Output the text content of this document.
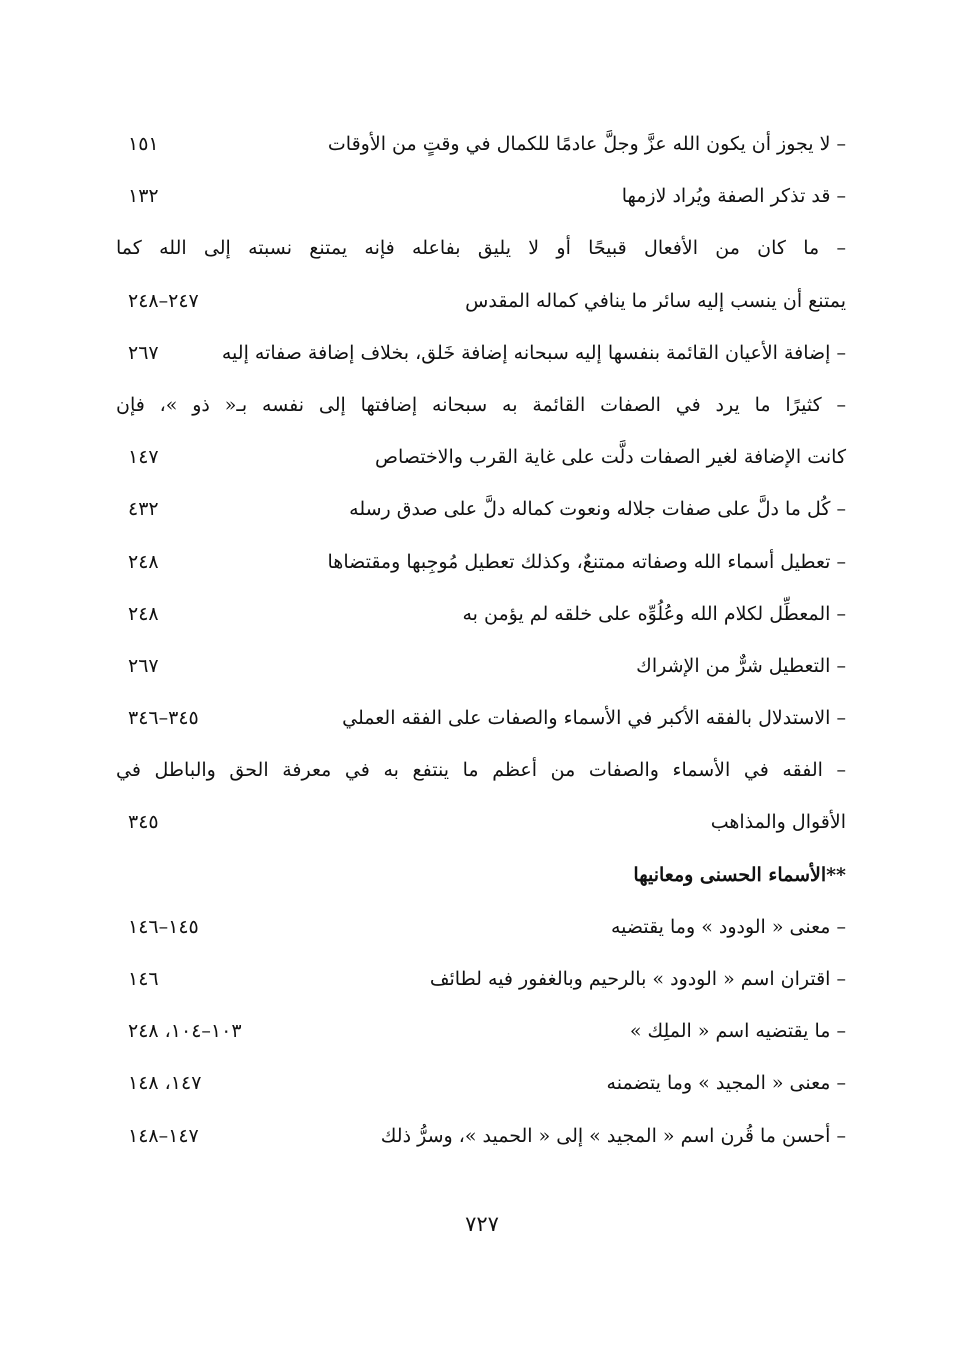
– لا يجوز أن يكون الله عزَّ وجلَّ عادمًا للكمال في وقتٍ من الأوقات
١٥١
– قد تذكر الصفة ويُراد لازمها
١٣٢
– ما كان من الأفعال قبيحًا أو لا يليق بفاعله فإنه يمتنع نسبته إلى الله كما
يمتنع أن ينسب إليه سائر ما ينافي كماله المقدس
٢٤٧–٢٤٨
– إضافة الأعيان القائمة بنفسها إليه سبحانه إضافة خَلق، بخلاف إضافة صفاته إليه
٢٦٧
– كثيرًا ما يرد في الصفات القائمة به سبحانه إضافتها إلى نفسه بـ« ذو »، فإن
كانت الإضافة لغير الصفات دلَّت على غاية القرب والاختصاص
١٤٧
– كُل ما دلَّ على صفات جلاله ونعوت كماله دلَّ على صدق رسله
٤٣٢
– تعطيل أسماء الله وصفاته ممتنعٌ، وكذلك تعطيل مُوجِبها ومقتضاها
٢٤٨
– المعطِّل لكلام الله وعُلُوِّه على خلقه لم يؤمن به
٢٤٨
– التعطيل شرٌّ من الإشراك
٢٦٧
– الاستدلال بالفقه الأكبر في الأسماء والصفات على الفقه العملي
٣٤٥–٣٤٦
– الفقه في الأسماء والصفات من أعظم ما ينتفع به في معرفة الحق والباطل في
الأقوال والمذاهب
٣٤٥
**الأسماء الحسنى ومعانيها
– معنى « الودود » وما يقتضيه
١٤٥–١٤٦
– اقتران اسم « الودود » بالرحيم وبالغفور فيه لطائف
١٤٦
– ما يقتضيه اسم « الملِك »
١٠٣–١٠٤، ٢٤٨
– معنى « المجيد » وما يتضمنه
١٤٧، ١٤٨
– أحسن ما قُرن اسم « المجيد » إلى « الحميد »، وسرُّ ذلك
١٤٧–١٤٨
٧٢٧
